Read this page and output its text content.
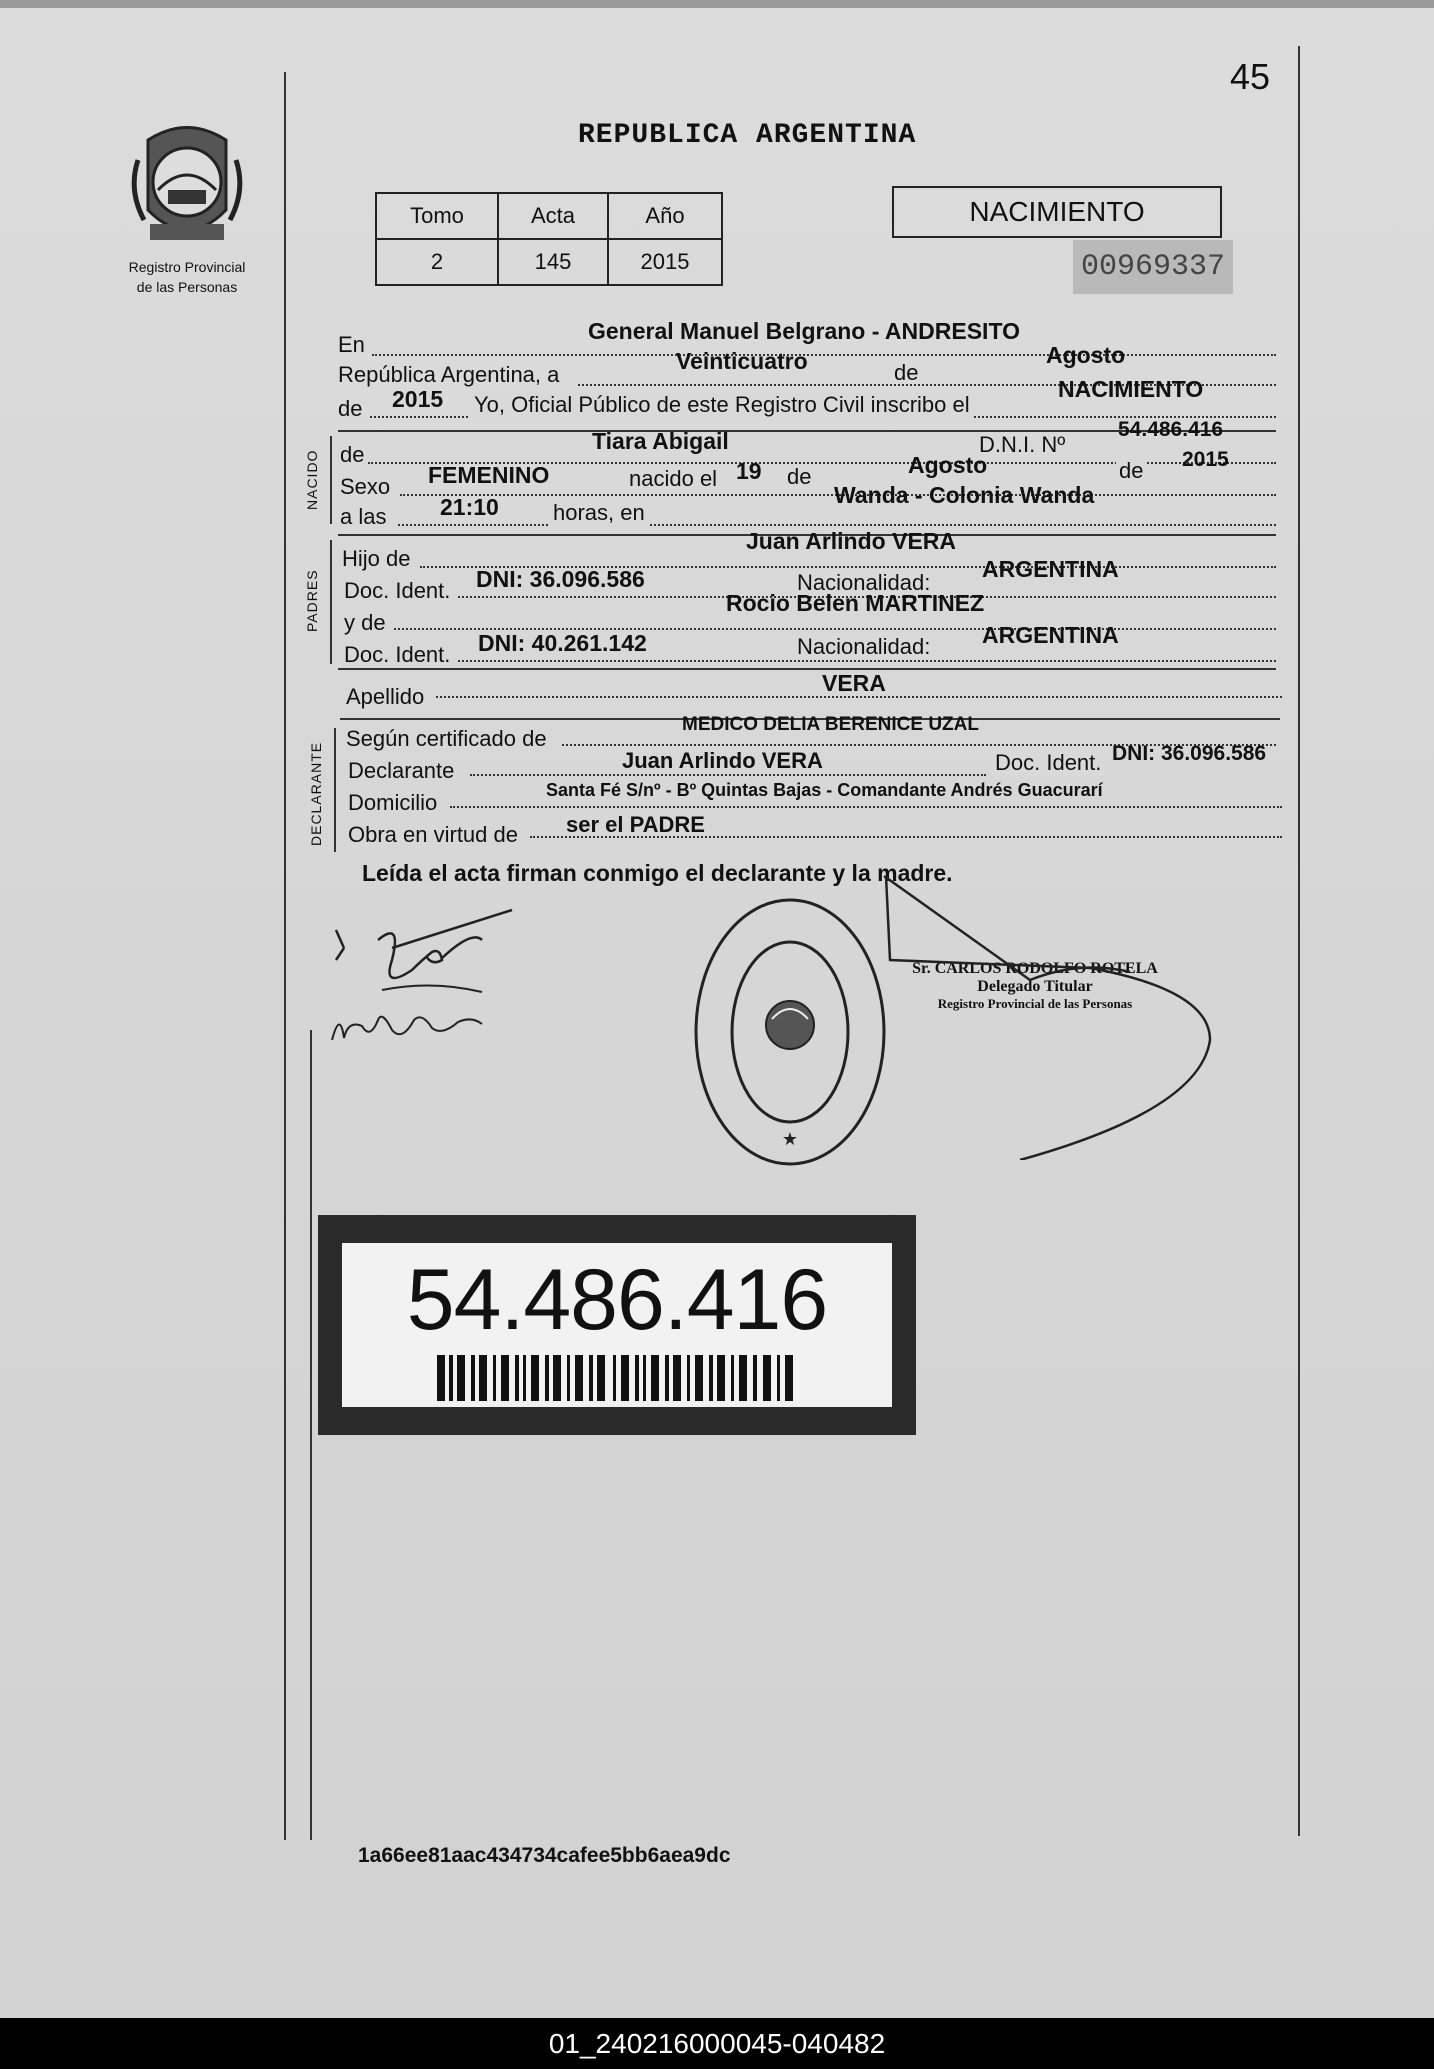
45
Registro Provincial
de las Personas
REPUBLICA ARGENTINA
Tomo	Acta	Año
2	145	2015
NACIMIENTO
00969337
En
General Manuel Belgrano - ANDRESITO
República Argentina, a
Veinticuatro	de
Agosto
de 2015 Yo, Oficial Público de este Registro Civil inscribo el
NACIMIENTO
NACIDO de
Tiara Abigail	D.N.I. Nº
54.486.416
Sexo FEMENINO	nacido el 19 de	Agosto	de 2015
a las 21:10 horas, en
Wanda - Colonia Wanda
PADRES
Hijo de
Juan Arlindo VERA
Doc. Ident. DNI: 36.096.586	Nacionalidad:
ARGENTINA
y de
Rocio Belen MARTINEZ
Doc. Ident. DNI: 40.261.142	Nacionalidad: ARGENTINA
Apellido
VERA
DECLARANTE
Según certificado de
MEDICO DELIA BERENICE UZAL
Declarante	Juan Arlindo VERA	Doc. Ident. DNI: 36.096.586
Domicilio	Santa Fé S/nº - Bº Quintas Bajas - Comandante Andrés Guacurarí
Obra en virtud de ser el PADRE
Leída el acta firman conmigo el declarante y la madre.
★
Sr. CARLOS RODOLFO ROTELA
Delegado Titular
Registro Provincial de las Personas
54.486.416
1a66ee81aac434734cafee5bb6aea9dc
01_240216000045-040482
